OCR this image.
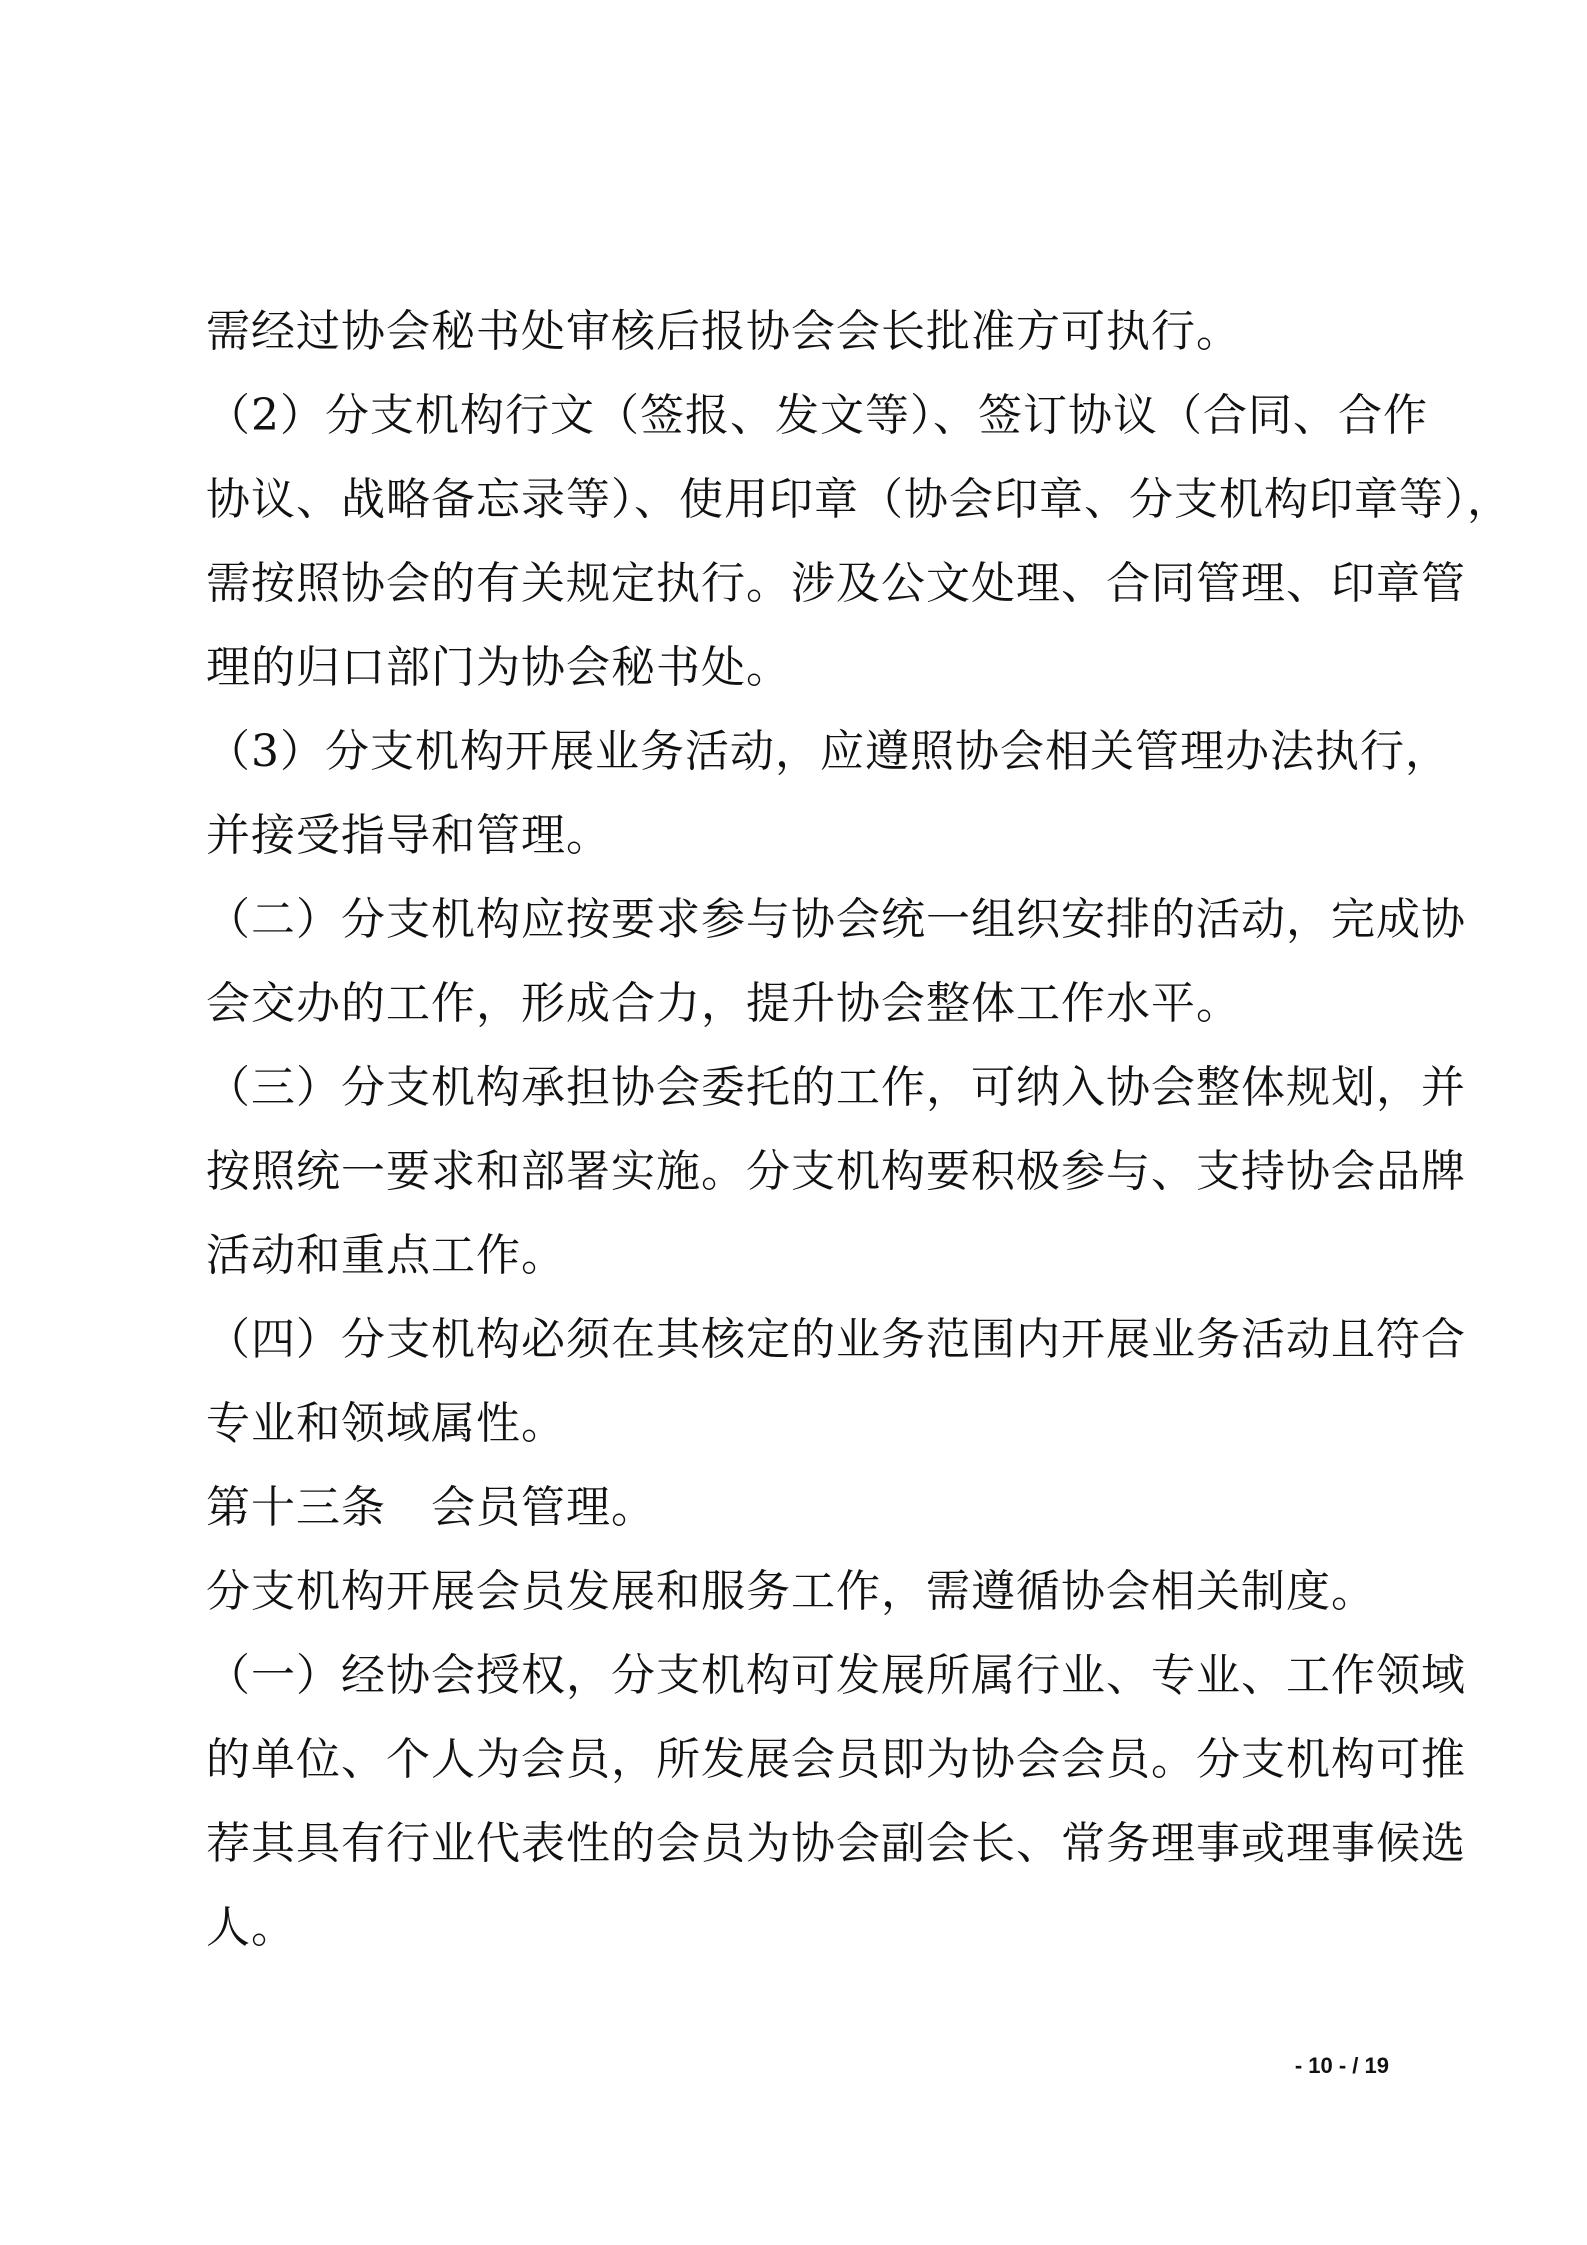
需经过协会秘书处审核后报协会会长批准方可执行。
（2）分支机构行文（签报、发文等）、签订协议（合同、合作
协议、战略备忘录等）、使用印章（协会印章、分支机构印章等），
需按照协会的有关规定执行。涉及公文处理、合同管理、印章管
理的归口部门为协会秘书处。
（3）分支机构开展业务活动，应遵照协会相关管理办法执行，
并接受指导和管理。
（二）分支机构应按要求参与协会统一组织安排的活动，完成协
会交办的工作，形成合力，提升协会整体工作水平。
（三）分支机构承担协会委托的工作，可纳入协会整体规划，并
按照统一要求和部署实施。分支机构要积极参与、支持协会品牌
活动和重点工作。
（四）分支机构必须在其核定的业务范围内开展业务活动且符合
专业和领域属性。
第十三条　会员管理。
分支机构开展会员发展和服务工作，需遵循协会相关制度。
（一）经协会授权，分支机构可发展所属行业、专业、工作领域
的单位、个人为会员，所发展会员即为协会会员。分支机构可推
荐其具有行业代表性的会员为协会副会长、常务理事或理事候选
人。
- 10 - / 19
